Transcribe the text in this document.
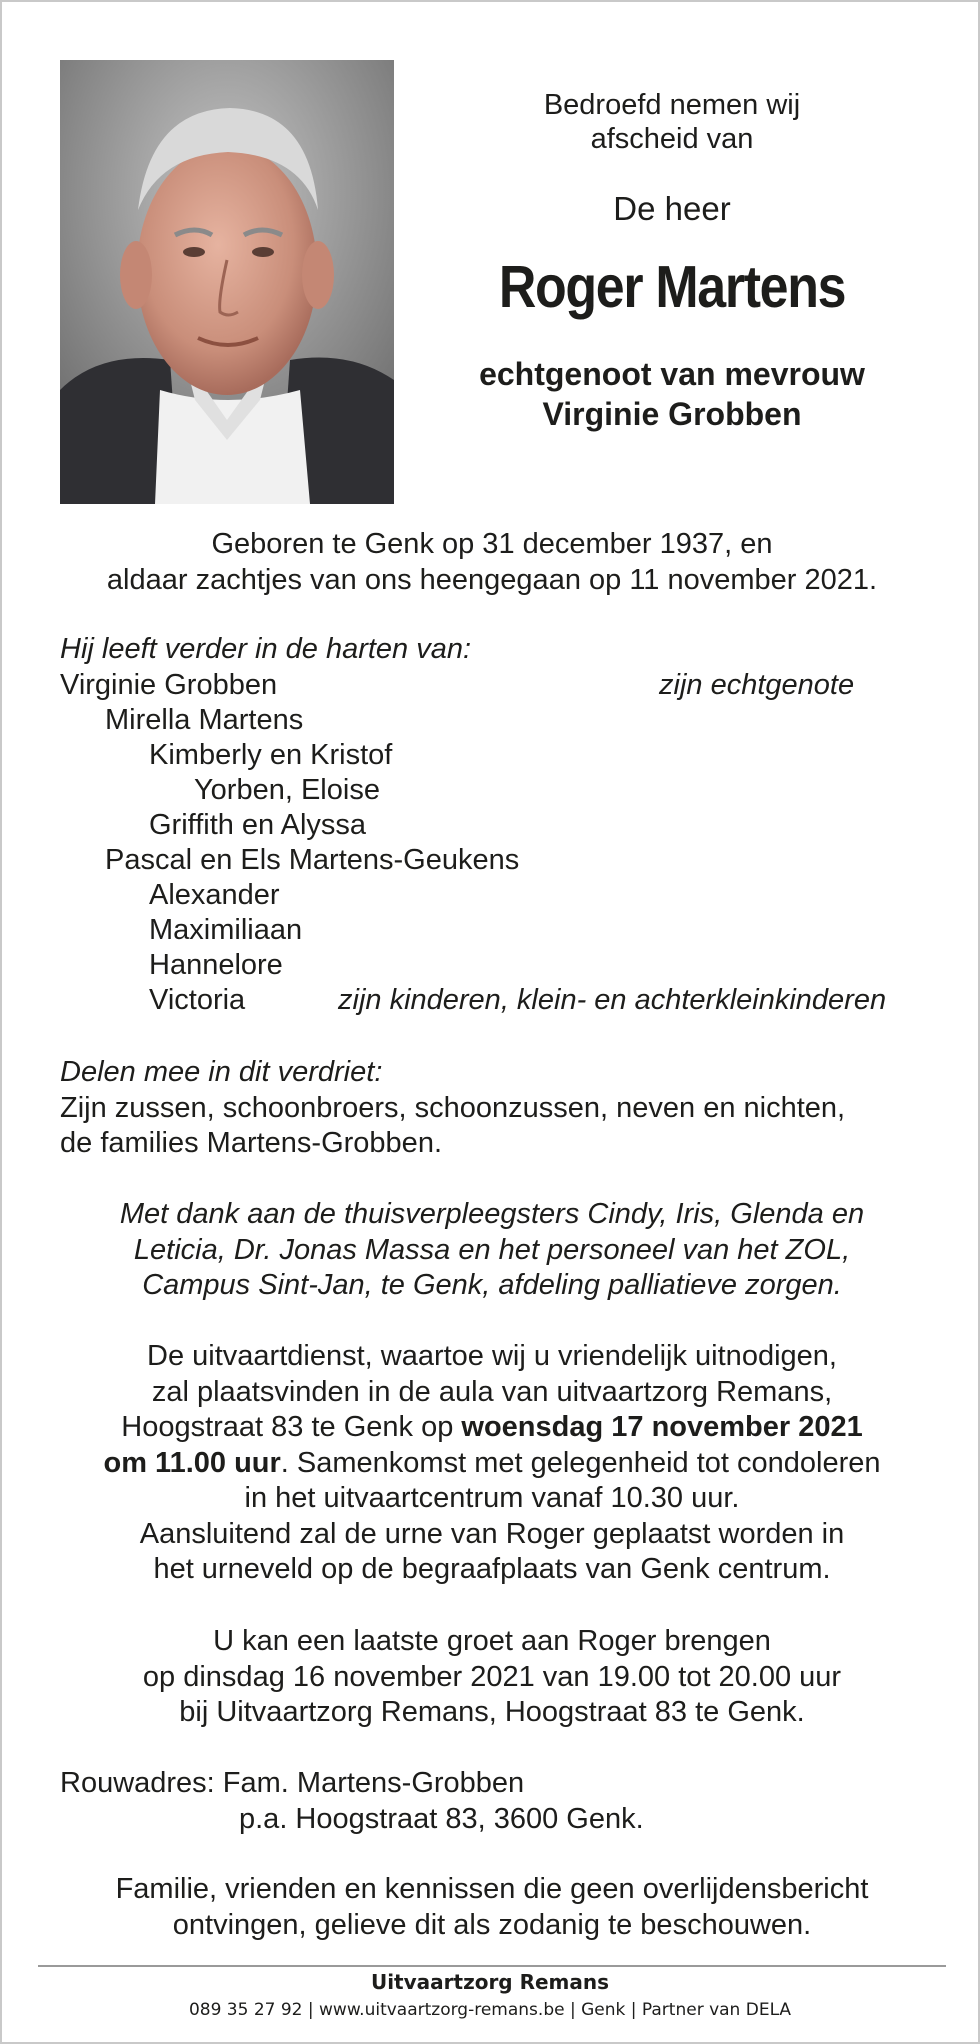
Bedroefd nemen wij
afscheid van
De heer
Roger Martens
echtgenoot van mevrouw
Virginie Grobben
Geboren te Genk op 31 december 1937, en
aldaar zachtjes van ons heengegaan op 11 november 2021.
Hij leeft verder in de harten van:
Virginie Grobben	zijn echtgenote
Mirella Martens
Kimberly en Kristof
Yorben, Eloise
Griffith en Alyssa
Pascal en Els Martens-Geukens
Alexander
Maximiliaan
Hannelore
Victoria	zijn kinderen, klein- en achterkleinkinderen
Delen mee in dit verdriet:
Zijn zussen, schoonbroers, schoonzussen, neven en nichten,
de families Martens-Grobben.
Met dank aan de thuisverpleegsters Cindy, Iris, Glenda en
Leticia, Dr. Jonas Massa en het personeel van het ZOL,
Campus Sint-Jan, te Genk, afdeling palliatieve zorgen.
De uitvaartdienst, waartoe wij u vriendelijk uitnodigen,
zal plaatsvinden in de aula van uitvaartzorg Remans,
Hoogstraat 83 te Genk op woensdag 17 november 2021
om 11.00 uur. Samenkomst met gelegenheid tot condoleren
in het uitvaartcentrum vanaf 10.30 uur.
Aansluitend zal de urne van Roger geplaatst worden in
het urneveld op de begraafplaats van Genk centrum.
U kan een laatste groet aan Roger brengen
op dinsdag 16 november 2021 van 19.00 tot 20.00 uur
bij Uitvaartzorg Remans, Hoogstraat 83 te Genk.
Rouwadres: Fam. Martens-Grobben
p.a. Hoogstraat 83, 3600 Genk.
Familie, vrienden en kennissen die geen overlijdensbericht
ontvingen, gelieve dit als zodanig te beschouwen.
Uitvaartzorg Remans
089 35 27 92 | www.uitvaartzorg-remans.be | Genk | Partner van DELA
